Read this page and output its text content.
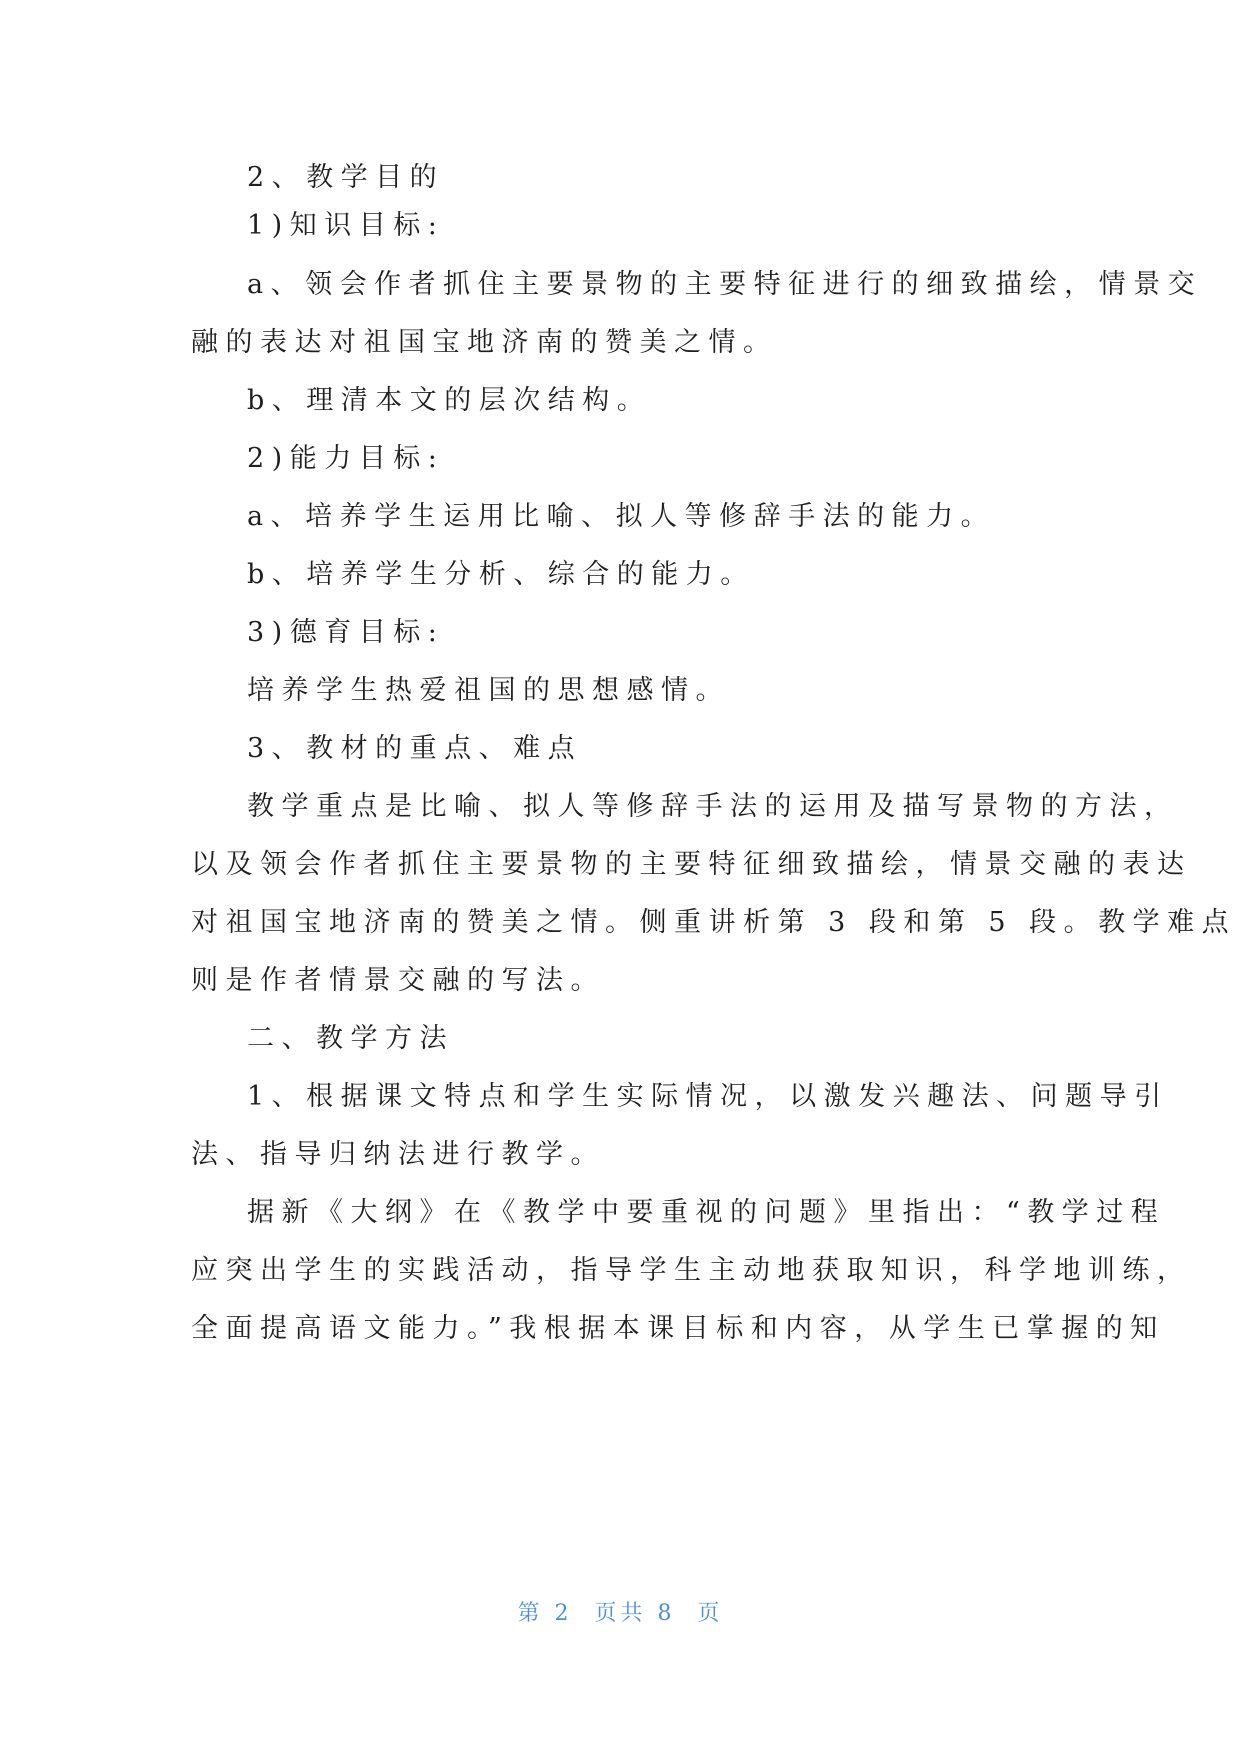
2、教学目的
1)知识目标:
a、领会作者抓住主要景物的主要特征进行的细致描绘，情景交
融的表达对祖国宝地济南的赞美之情。
b、理清本文的层次结构。
2)能力目标:
a、培养学生运用比喻、拟人等修辞手法的能力。
b、培养学生分析、综合的能力。
3)德育目标:
培养学生热爱祖国的思想感情。
3、教材的重点、难点
教学重点是比喻、拟人等修辞手法的运用及描写景物的方法，
以及领会作者抓住主要景物的主要特征细致描绘，情景交融的表达
对祖国宝地济南的赞美之情。侧重讲析第 3 段和第 5 段。教学难点
则是作者情景交融的写法。
二、教学方法
1、根据课文特点和学生实际情况，以激发兴趣法、问题导引
法、指导归纳法进行教学。
据新《大纲》在《教学中要重视的问题》里指出：“教学过程
应突出学生的实践活动，指导学生主动地获取知识，科学地训练，
全面提高语文能力。”我根据本课目标和内容，从学生已掌握的知
第 2  页共 8  页
